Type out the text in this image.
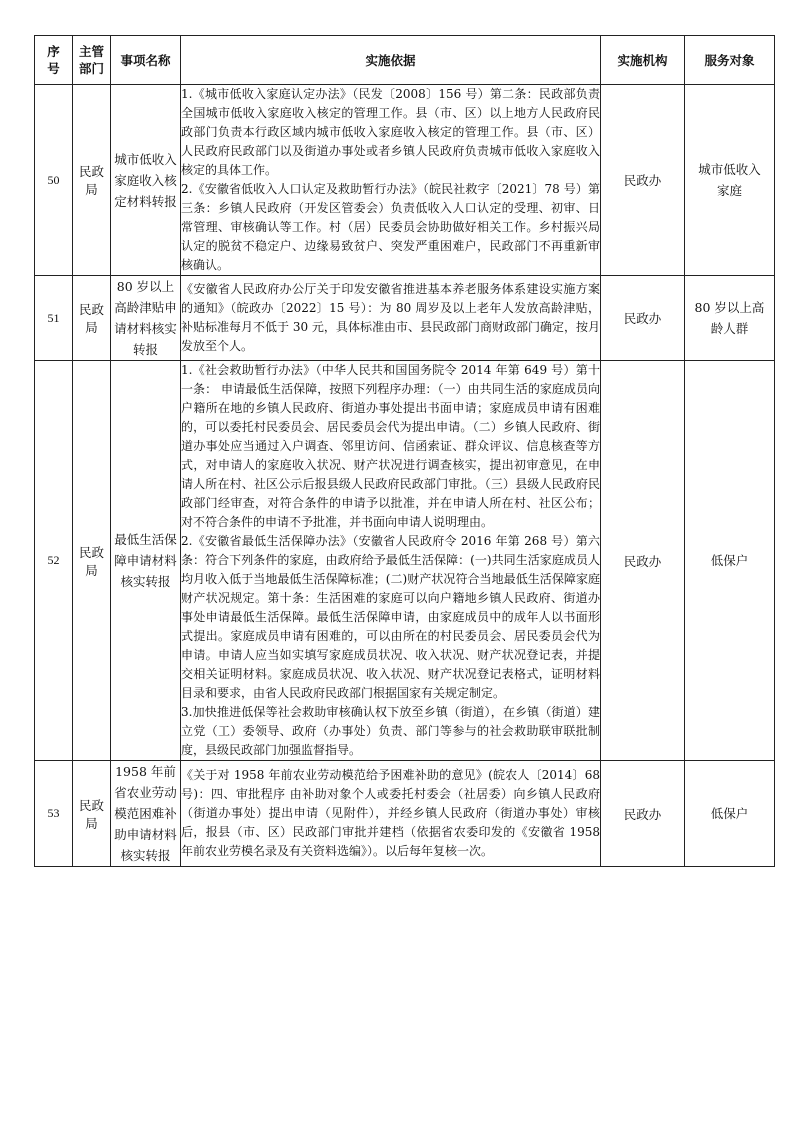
序号	主管部门	事项名称	实施依据	实施机构	服务对象
50	民政局	城市低收入家庭收入核定材料转报	1.《城市低收入家庭认定办法》（民发〔2008〕156 号）第二条：民政部负责全国城市低收入家庭收入核定的管理工作。县（市、区）以上地方人民政府民政部门负责本行政区域内城市低收入家庭收入核定的管理工作。县（市、区）人民政府民政部门以及街道办事处或者乡镇人民政府负责城市低收入家庭收入核定的具体工作。

2.《安徽省低收入人口认定及救助暂行办法》（皖民社救字〔2021〕78 号）第三条：乡镇人民政府（开发区管委会）负责低收入人口认定的受理、初审、日常管理、审核确认等工作。村（居）民委员会协助做好相关工作。乡村振兴局认定的脱贫不稳定户、边缘易致贫户、突发严重困难户，民政部门不再重新审核确认。	民政办	城市低收入家庭
51	民政局	80 岁以上高龄津贴申请材料核实转报	《安徽省人民政府办公厅关于印发安徽省推进基本养老服务体系建设实施方案的通知》（皖政办〔2022〕15 号）：为 80 周岁及以上老年人发放高龄津贴，补贴标准每月不低于 30 元，具体标准由市、县民政部门商财政部门确定，按月发放至个人。	民政办	80 岁以上高龄人群
52	民政局	最低生活保障申请材料核实转报	1.《社会救助暂行办法》（中华人民共和国国务院令 2014 年第 649 号）第十一条： 申请最低生活保障，按照下列程序办理：（一）由共同生活的家庭成员向户籍所在地的乡镇人民政府、街道办事处提出书面申请；家庭成员申请有困难的，可以委托村民委员会、居民委员会代为提出申请。（二）乡镇人民政府、街道办事处应当通过入户调查、邻里访问、信函索证、群众评议、信息核查等方式，对申请人的家庭收入状况、财产状况进行调查核实，提出初审意见，在申请人所在村、社区公示后报县级人民政府民政部门审批。（三）县级人民政府民政部门经审查，对符合条件的申请予以批准，并在申请人所在村、社区公布；对不符合条件的申请不予批准，并书面向申请人说明理由。

2.《安徽省最低生活保障办法》（安徽省人民政府令 2016 年第 268 号）第六条：符合下列条件的家庭，由政府给予最低生活保障：(一)共同生活家庭成员人均月收入低于当地最低生活保障标准；(二)财产状况符合当地最低生活保障家庭财产状况规定。第十条：生活困难的家庭可以向户籍地乡镇人民政府、街道办事处申请最低生活保障。最低生活保障申请，由家庭成员中的成年人以书面形式提出。家庭成员申请有困难的，可以由所在的村民委员会、居民委员会代为申请。申请人应当如实填写家庭成员状况、收入状况、财产状况登记表，并提交相关证明材料。家庭成员状况、收入状况、财产状况登记表格式，证明材料目录和要求，由省人民政府民政部门根据国家有关规定制定。

3.加快推进低保等社会救助审核确认权下放至乡镇（街道），在乡镇（街道）建立党（工）委领导、政府（办事处）负责、部门等参与的社会救助联审联批制度，县级民政部门加强监督指导。	民政办	低保户
53	民政局	1958 年前省农业劳动模范困难补助申请材料核实转报	《关于对 1958 年前农业劳动模范给予困难补助的意见》(皖农人〔2014〕68 号)：四、审批程序 由补助对象个人或委托村委会（社居委）向乡镇人民政府（街道办事处）提出申请（见附件），并经乡镇人民政府（街道办事处）审核后，报县（市、区）民政部门审批并建档（依据省农委印发的《安徽省 1958 年前农业劳模名录及有关资料选编》）。以后每年复核一次。	民政办	低保户
